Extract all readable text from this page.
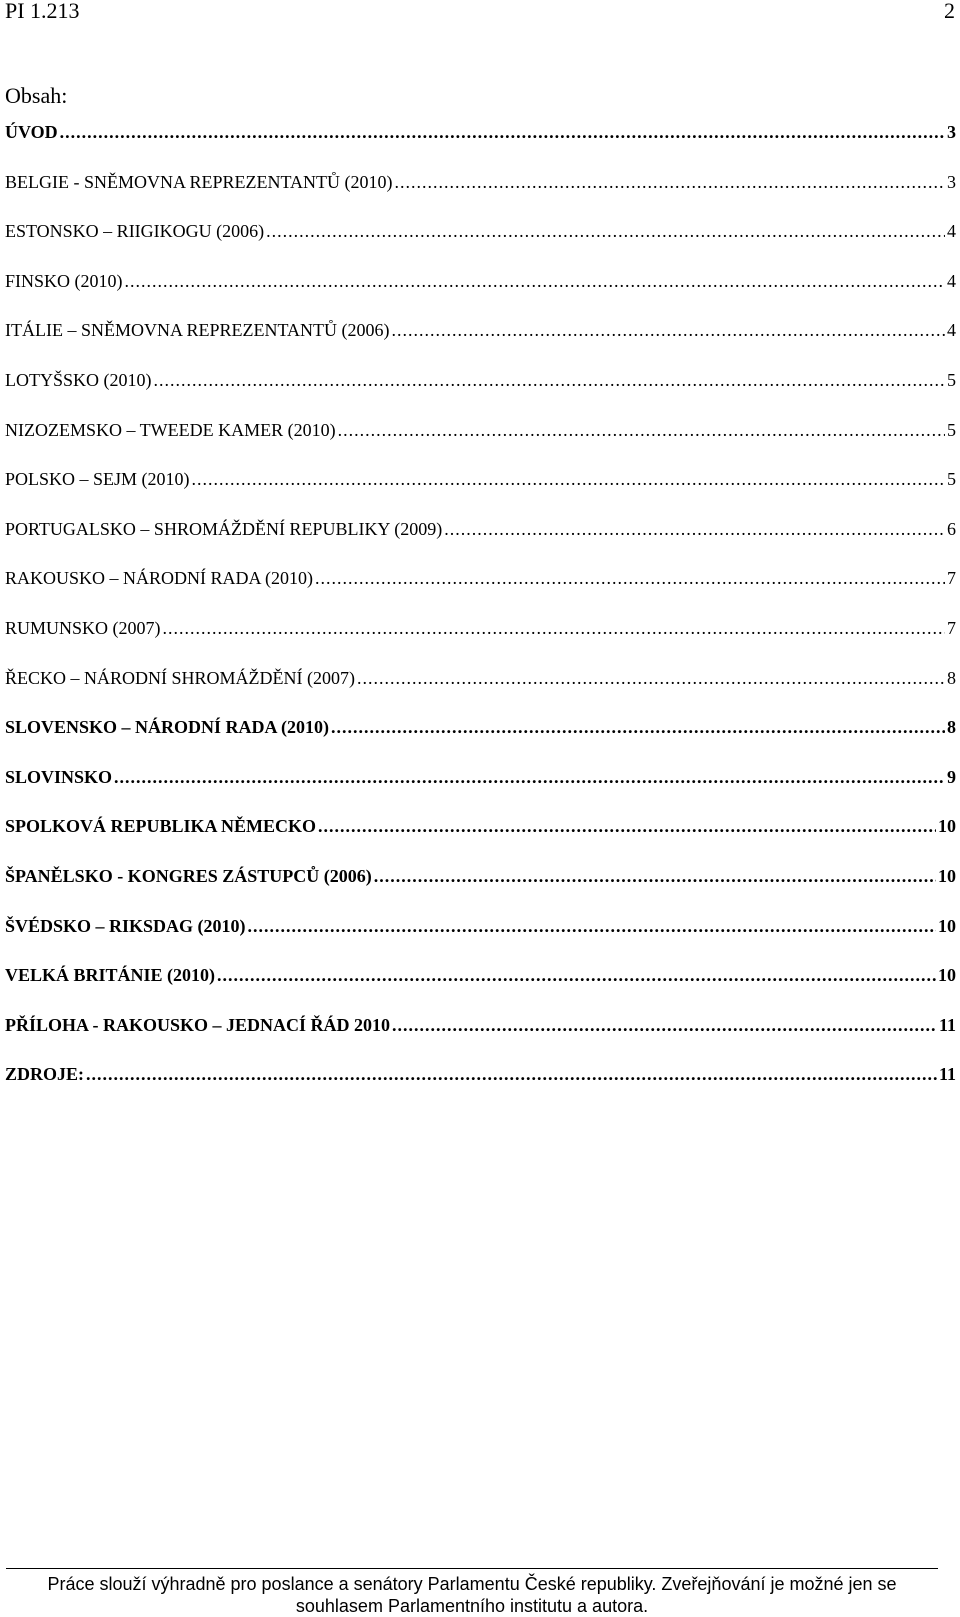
PI 1.213	2
Obsah:
ÚVOD .....	3
BELGIE - SNĚMOVNA REPREZENTANTŮ (2010) .....	3
ESTONSKO – RIIGIKOGU (2006) .....	4
FINSKO (2010) .....	4
ITÁLIE – SNĚMOVNA REPREZENTANTŮ (2006) .....	4
LOTYŠSKO (2010) .....	5
NIZOZEMSKO – TWEEDE KAMER (2010) .....	5
POLSKO – SEJM (2010) .....	5
PORTUGALSKO – SHROMÁŽDĚNÍ REPUBLIKY (2009) .....	6
RAKOUSKO – NÁRODNÍ RADA (2010) .....	7
RUMUNSKO (2007) .....	7
ŘECKO – NÁRODNÍ SHROMÁŽDĚNÍ (2007) .....	8
SLOVENSKO – NÁRODNÍ RADA (2010) .....	8
SLOVINSKO .....	9
SPOLKOVÁ REPUBLIKA NĚMECKO .....	10
ŠPANĚLSKO - KONGRES ZÁSTUPCŮ (2006) .....	10
ŠVÉDSKO – RIKSDAG (2010) .....	10
VELKÁ BRITÁNIE (2010) .....	10
PŘÍLOHA - RAKOUSKO – JEDNACÍ ŘÁD 2010 .....	11
ZDROJE: .....	11
Práce slouží výhradně pro poslance a senátory Parlamentu České republiky. Zveřejňování je možné jen se
souhlasem Parlamentního institutu a autora.
